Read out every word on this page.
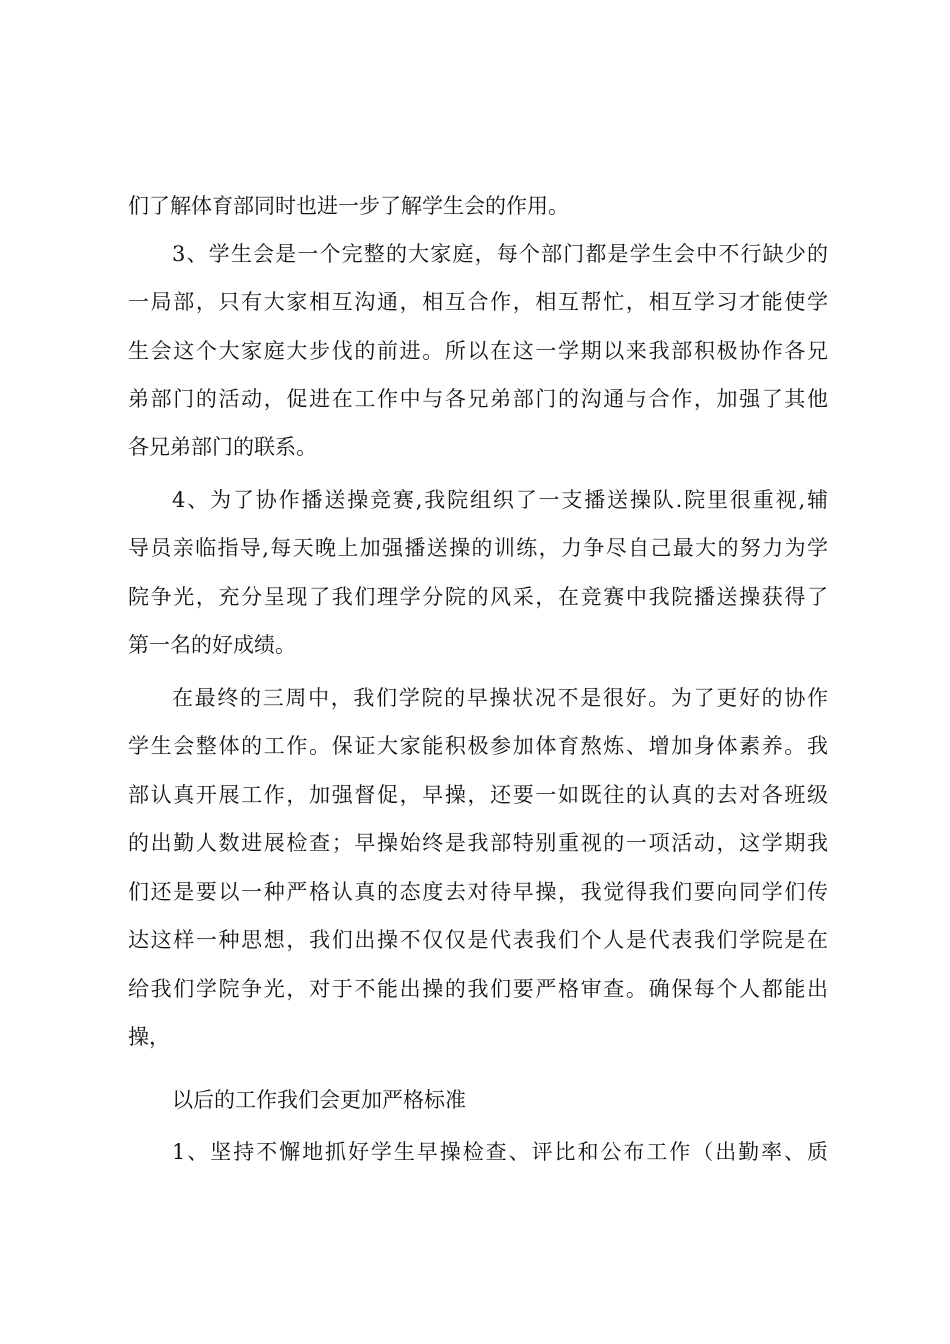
们了解体育部同时也进一步了解学生会的作用。
3、学生会是一个完整的大家庭，每个部门都是学生会中不行缺少的
一局部，只有大家相互沟通，相互合作，相互帮忙，相互学习才能使学
生会这个大家庭大步伐的前进。所以在这一学期以来我部积极协作各兄
弟部门的活动，促进在工作中与各兄弟部门的沟通与合作，加强了其他
各兄弟部门的联系。
4、为了协作播送操竞赛,我院组织了一支播送操队.院里很重视,辅
导员亲临指导,每天晚上加强播送操的训练，力争尽自己最大的努力为学
院争光，充分呈现了我们理学分院的风采，在竞赛中我院播送操获得了
第一名的好成绩。
在最终的三周中，我们学院的早操状况不是很好。为了更好的协作
学生会整体的工作。保证大家能积极参加体育熬炼、增加身体素养。我
部认真开展工作，加强督促，早操，还要一如既往的认真的去对各班级
的出勤人数进展检查；早操始终是我部特别重视的一项活动，这学期我
们还是要以一种严格认真的态度去对待早操，我觉得我们要向同学们传
达这样一种思想，我们出操不仅仅是代表我们个人是代表我们学院是在
给我们学院争光，对于不能出操的我们要严格审查。确保每个人都能出
操，
以后的工作我们会更加严格标准
1、坚持不懈地抓好学生早操检查、评比和公布工作（出勤率、质
